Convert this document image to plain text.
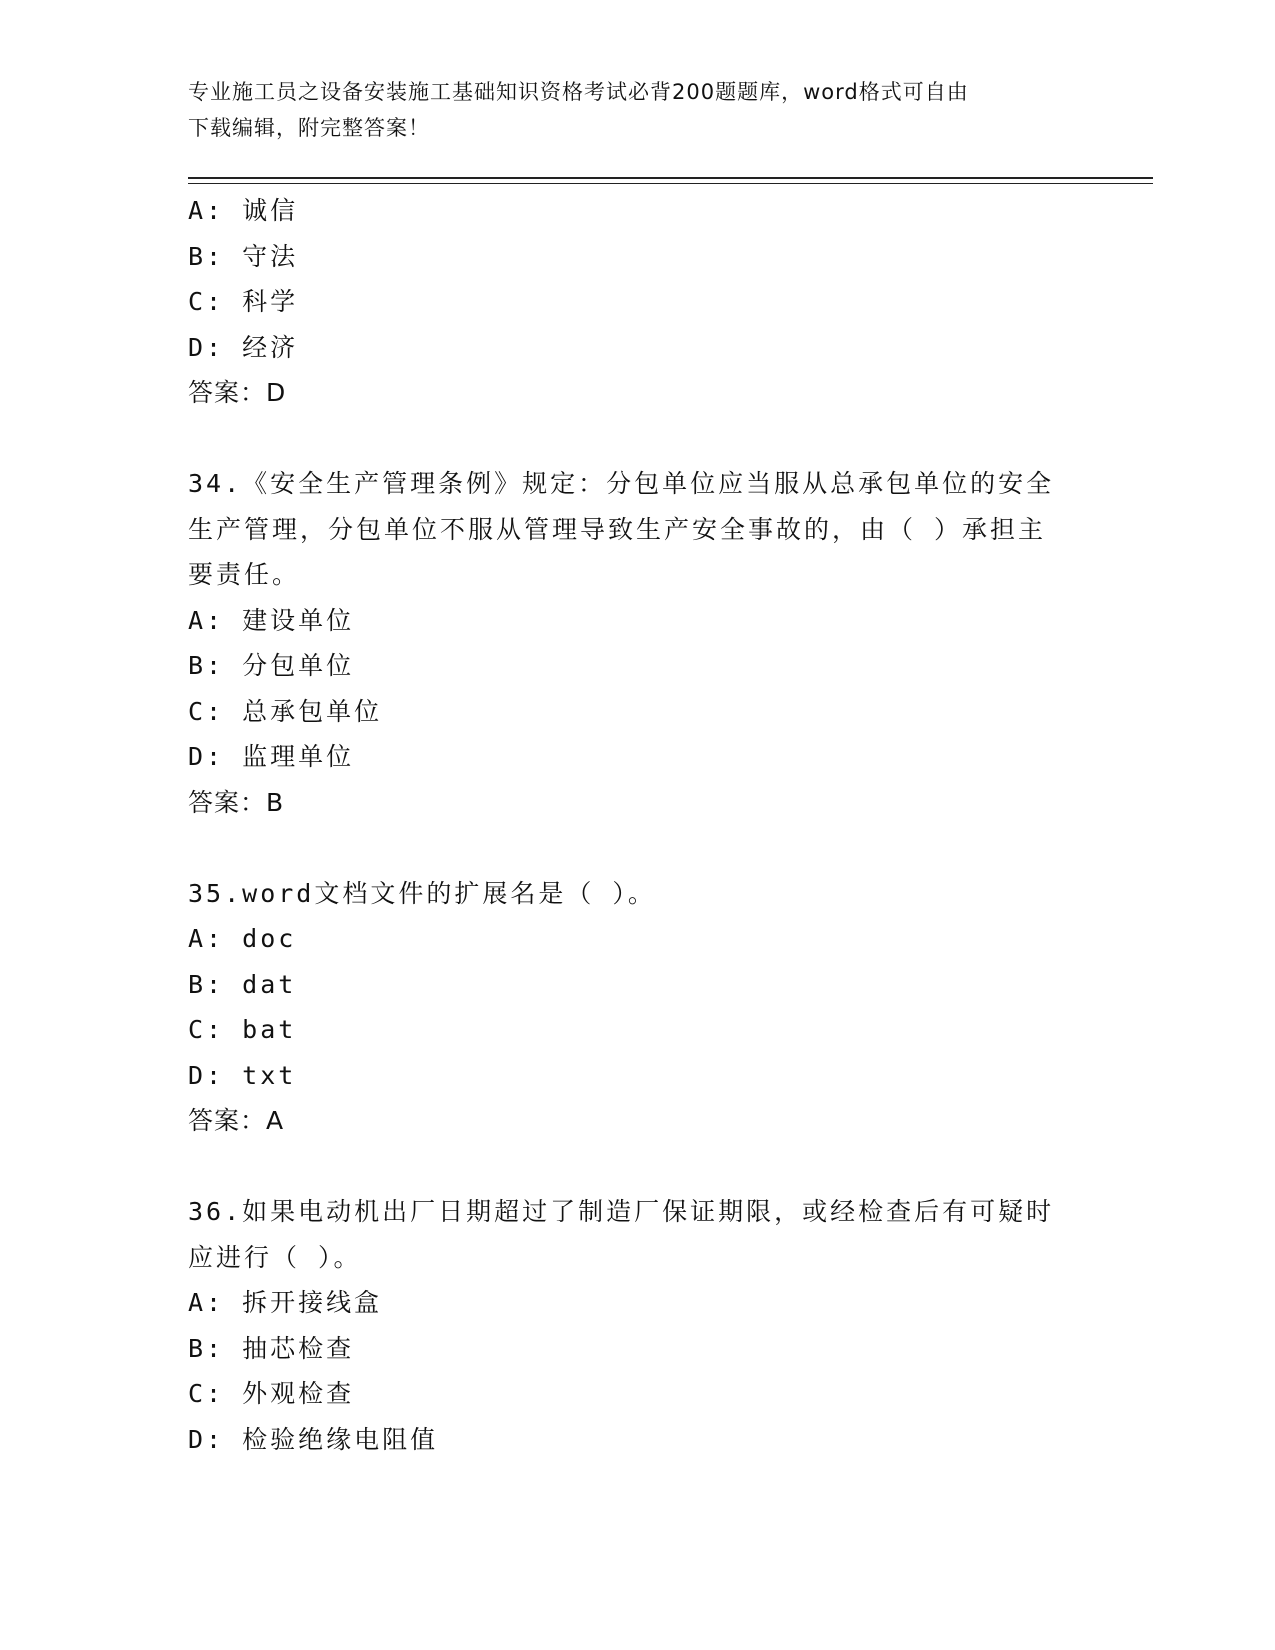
专业施工员之设备安装施工基础知识资格考试必背200题题库，word格式可自由
下载编辑，附完整答案！
A: 诚信
B: 守法
C: 科学
D: 经济
答案：D
34.《安全生产管理条例》规定：分包单位应当服从总承包单位的安全
生产管理，分包单位不服从管理导致生产安全事故的，由（ ）承担主
要责任。
A: 建设单位
B: 分包单位
C: 总承包单位
D: 监理单位
答案：B
35.word文档文件的扩展名是（ ）。
A: doc
B: dat
C: bat
D: txt
答案：A
36.如果电动机出厂日期超过了制造厂保证期限，或经检查后有可疑时
应进行（ ）。
A: 拆开接线盒
B: 抽芯检查
C: 外观检查
D: 检验绝缘电阻值
